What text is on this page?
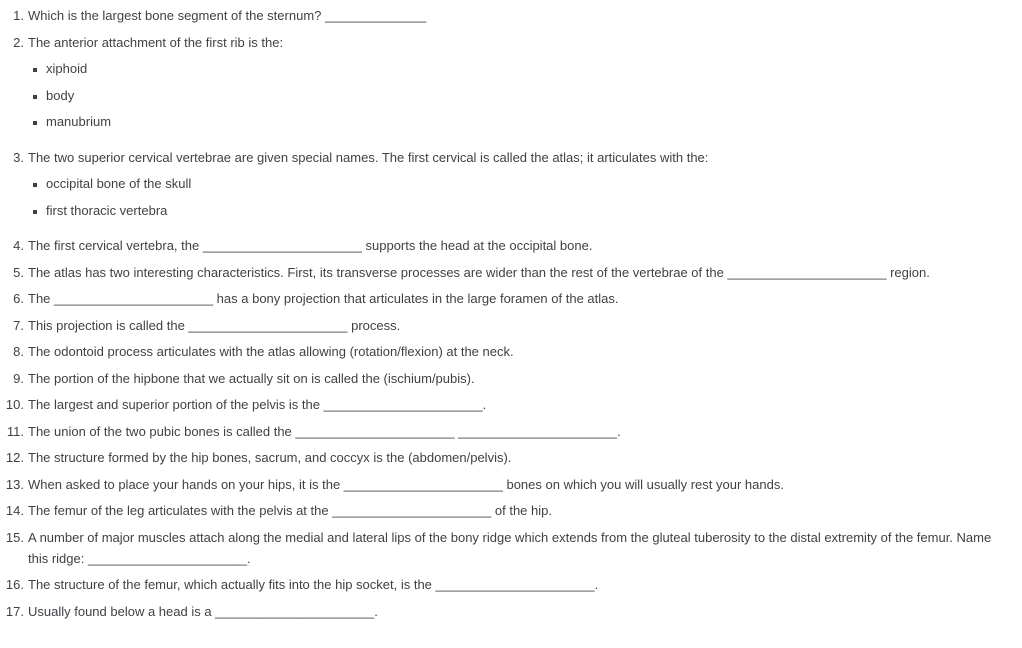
1. Which is the largest bone segment of the sternum? ______________
2. The anterior attachment of the first rib is the:
xiphoid
body
manubrium
3. The two superior cervical vertebrae are given special names. The first cervical is called the atlas; it articulates with the:
occipital bone of the skull
first thoracic vertebra
4. The first cervical vertebra, the ______________________ supports the head at the occipital bone.
5. The atlas has two interesting characteristics. First, its transverse processes are wider than the rest of the vertebrae of the ______________________ region.
6. The ______________________ has a bony projection that articulates in the large foramen of the atlas.
7. This projection is called the ______________________ process.
8. The odontoid process articulates with the atlas allowing (rotation/flexion) at the neck.
9. The portion of the hipbone that we actually sit on is called the (ischium/pubis).
10. The largest and superior portion of the pelvis is the ______________________.
11. The union of the two pubic bones is called the ______________________ ______________________.
12. The structure formed by the hip bones, sacrum, and coccyx is the (abdomen/pelvis).
13. When asked to place your hands on your hips, it is the ______________________ bones on which you will usually rest your hands.
14. The femur of the leg articulates with the pelvis at the ______________________ of the hip.
15. A number of major muscles attach along the medial and lateral lips of the bony ridge which extends from the gluteal tuberosity to the distal extremity of the femur. Name this ridge: ______________________.
16. The structure of the femur, which actually fits into the hip socket, is the ______________________.
17. Usually found below a head is a ______________________.
